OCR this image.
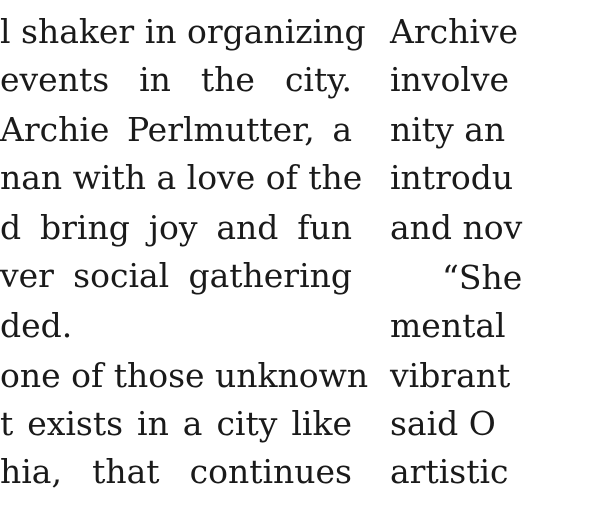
l shaker in organizing
events in the city.
Archie Perlmutter, a
nan with a love of the
d bring joy and fun
ver social gathering
ded.
one of those unknown
t exists in a city like
hia, that continues
Archive
involve
nity an
introdu
and nov
“She
mental
vibrant
said O
artistic
